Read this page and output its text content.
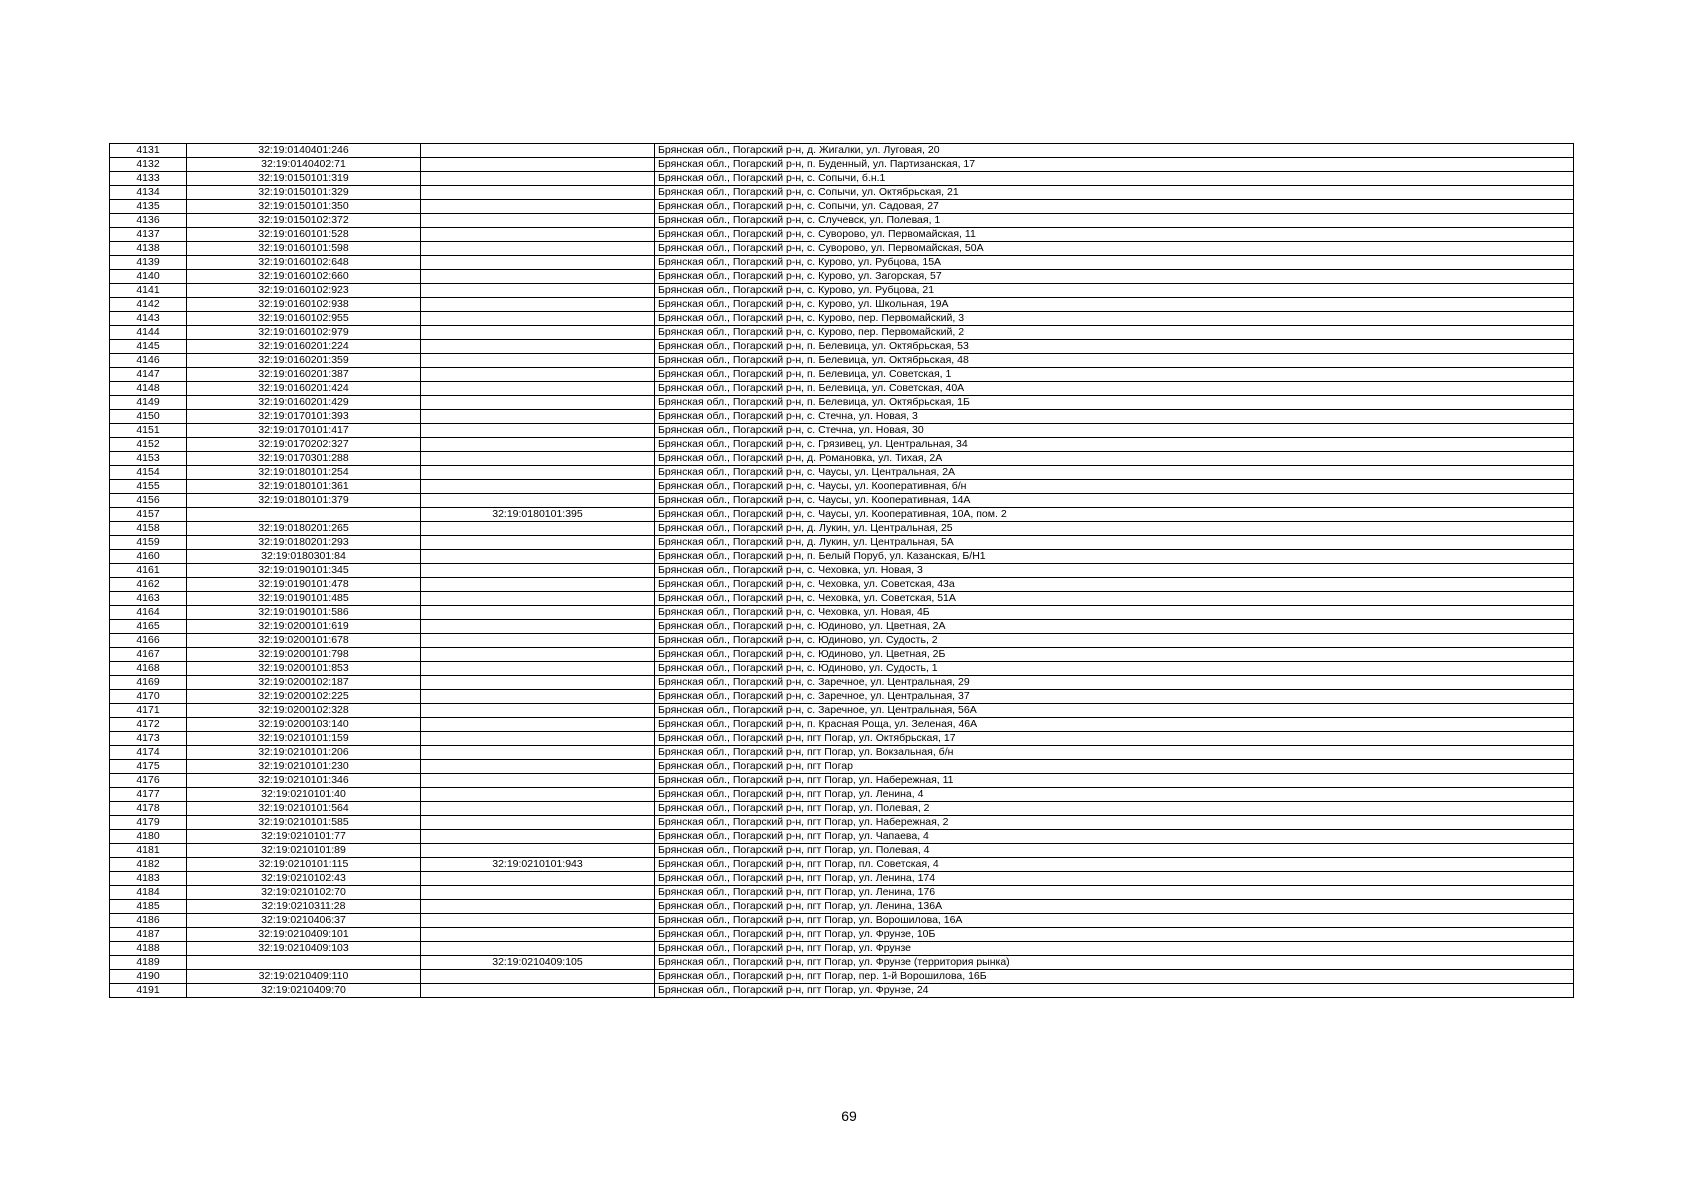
4131	32:19:0140401:246		Брянская обл., Погарский р-н, д. Жигалки, ул. Луговая, 20
4132	32:19:0140402:71		Брянская обл., Погарский р-н, п. Буденный, ул. Партизанская, 17
4133	32:19:0150101:319		Брянская обл., Погарский р-н, с. Сопычи, б.н.1
4134	32:19:0150101:329		Брянская обл., Погарский р-н, с. Сопычи, ул. Октябрьская, 21
4135	32:19:0150101:350		Брянская обл., Погарский р-н, с. Сопычи, ул. Садовая, 27
4136	32:19:0150102:372		Брянская обл., Погарский р-н, с. Случевск, ул. Полевая, 1
4137	32:19:0160101:528		Брянская обл., Погарский р-н, с. Суворово, ул. Первомайская, 11
4138	32:19:0160101:598		Брянская обл., Погарский р-н, с. Суворово, ул. Первомайская, 50А
4139	32:19:0160102:648		Брянская обл., Погарский р-н, с. Курово, ул. Рубцова, 15А
4140	32:19:0160102:660		Брянская обл., Погарский р-н, с. Курово, ул. Загорская, 57
4141	32:19:0160102:923		Брянская обл., Погарский р-н, с. Курово, ул. Рубцова, 21
4142	32:19:0160102:938		Брянская обл., Погарский р-н, с. Курово, ул. Школьная, 19А
4143	32:19:0160102:955		Брянская обл., Погарский р-н, с. Курово, пер. Первомайский, 3
4144	32:19:0160102:979		Брянская обл., Погарский р-н, с. Курово, пер. Первомайский, 2
4145	32:19:0160201:224		Брянская обл., Погарский р-н, п. Белевица, ул. Октябрьская, 53
4146	32:19:0160201:359		Брянская обл., Погарский р-н, п. Белевица, ул. Октябрьская, 48
4147	32:19:0160201:387		Брянская обл., Погарский р-н, п. Белевица, ул. Советская, 1
4148	32:19:0160201:424		Брянская обл., Погарский р-н, п. Белевица, ул. Советская, 40А
4149	32:19:0160201:429		Брянская обл., Погарский р-н, п. Белевица, ул. Октябрьская, 1Б
4150	32:19:0170101:393		Брянская обл., Погарский р-н, с. Стечна, ул. Новая, 3
4151	32:19:0170101:417		Брянская обл., Погарский р-н, с. Стечна, ул. Новая, 30
4152	32:19:0170202:327		Брянская обл., Погарский р-н, с. Грязивец, ул. Центральная, 34
4153	32:19:0170301:288		Брянская обл., Погарский р-н, д. Романовка, ул. Тихая, 2А
4154	32:19:0180101:254		Брянская обл., Погарский р-н, с. Чаусы, ул. Центральная, 2А
4155	32:19:0180101:361		Брянская обл., Погарский р-н, с. Чаусы, ул. Кооперативная, б/н
4156	32:19:0180101:379		Брянская обл., Погарский р-н, с. Чаусы, ул. Кооперативная, 14А
4157		32:19:0180101:395	Брянская обл., Погарский р-н, с. Чаусы, ул. Кооперативная, 10А, пом. 2
4158	32:19:0180201:265		Брянская обл., Погарский р-н, д. Лукин, ул. Центральная, 25
4159	32:19:0180201:293		Брянская обл., Погарский р-н, д. Лукин, ул. Центральная, 5А
4160	32:19:0180301:84		Брянская обл., Погарский р-н, п. Белый Поруб, ул. Казанская, Б/Н1
4161	32:19:0190101:345		Брянская обл., Погарский р-н, с. Чеховка, ул. Новая, 3
4162	32:19:0190101:478		Брянская обл., Погарский р-н, с. Чеховка, ул. Советская, 43а
4163	32:19:0190101:485		Брянская обл., Погарский р-н, с. Чеховка, ул. Советская, 51А
4164	32:19:0190101:586		Брянская обл., Погарский р-н, с. Чеховка, ул. Новая, 4Б
4165	32:19:0200101:619		Брянская обл., Погарский р-н, с. Юдиново, ул. Цветная, 2А
4166	32:19:0200101:678		Брянская обл., Погарский р-н, с. Юдиново, ул. Судость, 2
4167	32:19:0200101:798		Брянская обл., Погарский р-н, с. Юдиново, ул. Цветная, 2Б
4168	32:19:0200101:853		Брянская обл., Погарский р-н, с. Юдиново, ул. Судость, 1
4169	32:19:0200102:187		Брянская обл., Погарский р-н, с. Заречное, ул. Центральная, 29
4170	32:19:0200102:225		Брянская обл., Погарский р-н, с. Заречное, ул. Центральная, 37
4171	32:19:0200102:328		Брянская обл., Погарский р-н, с. Заречное, ул. Центральная, 56А
4172	32:19:0200103:140		Брянская обл., Погарский р-н, п. Красная Роща, ул. Зеленая, 46А
4173	32:19:0210101:159		Брянская обл., Погарский р-н, пгт Погар, ул. Октябрьская, 17
4174	32:19:0210101:206		Брянская обл., Погарский р-н, пгт Погар, ул. Вокзальная, б/н
4175	32:19:0210101:230		Брянская обл., Погарский р-н, пгт Погар
4176	32:19:0210101:346		Брянская обл., Погарский р-н, пгт Погар, ул. Набережная, 11
4177	32:19:0210101:40		Брянская обл., Погарский р-н, пгт Погар, ул. Ленина, 4
4178	32:19:0210101:564		Брянская обл., Погарский р-н, пгт Погар, ул. Полевая, 2
4179	32:19:0210101:585		Брянская обл., Погарский р-н, пгт Погар, ул. Набережная, 2
4180	32:19:0210101:77		Брянская обл., Погарский р-н, пгт Погар, ул. Чапаева, 4
4181	32:19:0210101:89		Брянская обл., Погарский р-н, пгт Погар, ул. Полевая, 4
4182	32:19:0210101:115	32:19:0210101:943	Брянская обл., Погарский р-н, пгт Погар, пл. Советская, 4
4183	32:19:0210102:43		Брянская обл., Погарский р-н, пгт Погар, ул. Ленина, 174
4184	32:19:0210102:70		Брянская обл., Погарский р-н, пгт Погар, ул. Ленина, 176
4185	32:19:0210311:28		Брянская обл., Погарский р-н, пгт Погар, ул. Ленина, 136А
4186	32:19:0210406:37		Брянская обл., Погарский р-н, пгт Погар, ул. Ворошилова, 16А
4187	32:19:0210409:101		Брянская обл., Погарский р-н, пгт Погар, ул. Фрунзе, 10Б
4188	32:19:0210409:103		Брянская обл., Погарский р-н, пгт Погар, ул. Фрунзе
4189		32:19:0210409:105	Брянская обл., Погарский р-н, пгт Погар, ул. Фрунзе (территория рынка)
4190	32:19:0210409:110		Брянская обл., Погарский р-н, пгт Погар, пер. 1-й Ворошилова, 16Б
4191	32:19:0210409:70		Брянская обл., Погарский р-н, пгт Погар, ул. Фрунзе, 24
69
